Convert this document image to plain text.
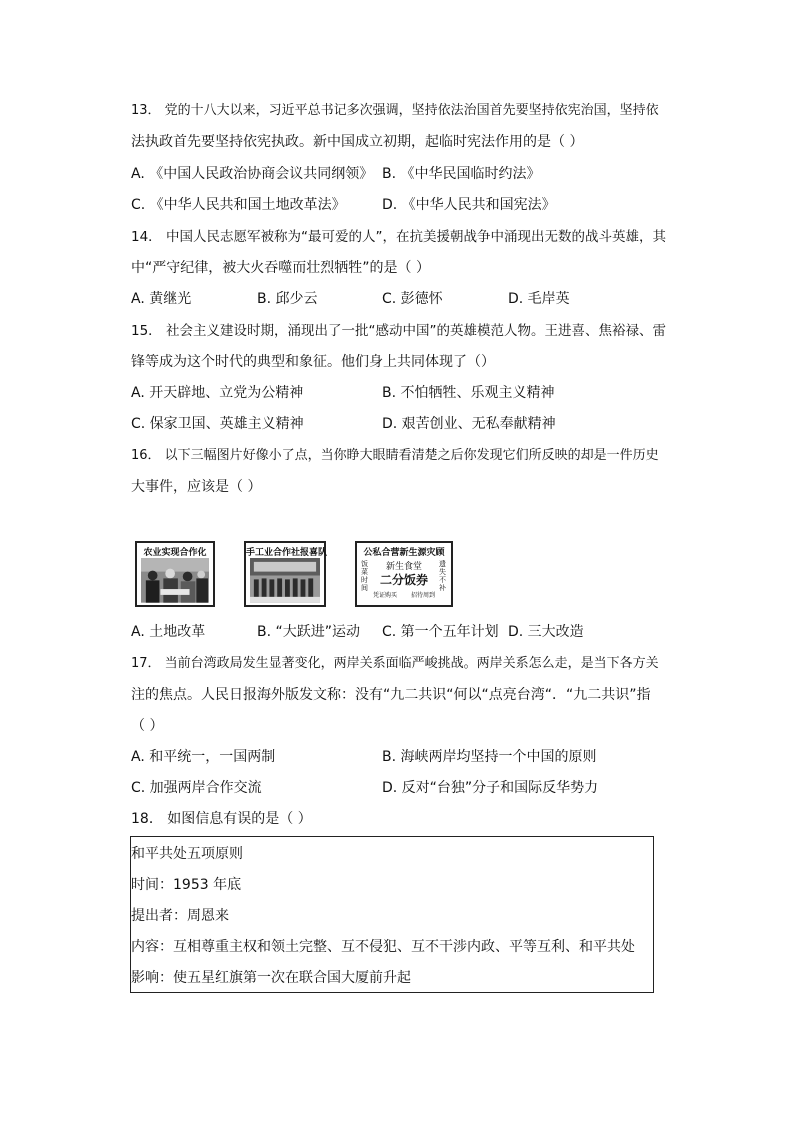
13． 党的十八大以来，习近平总书记多次强调，坚持依法治国首先要坚持依宪治国，坚持依
法执政首先要坚持依宪执政。新中国成立初期，起临时宪法作用的是（ ）
A. 《中国人民政治协商会议共同纲领》 B. 《中华民国临时约法》
C. 《中华人民共和国土地改革法》	D. 《中华人民共和国宪法》
14． 中国人民志愿军被称为“最可爱的人”，在抗美援朝战争中涌现出无数的战斗英雄，其
中“严守纪律，被大火吞噬而壮烈牺牲”的是（ ）
A. 黄继光	B. 邱少云	C. 彭德怀	D. 毛岸英
15． 社会主义建设时期，涌现出了一批“感动中国”的英雄模范人物。王进喜、焦裕禄、雷
锋等成为这个时代的典型和象征。他们身上共同体现了（）
A. 开天辟地、立党为公精神	B. 不怕牺牲、乐观主义精神
C. 保家卫国、英雄主义精神	D. 艰苦创业、无私奉献精神
16． 以下三幅图片好像小了点，当你睁大眼睛看清楚之后你发现它们所反映的却是一件历史
大事件，应该是（ ）
农业实现合作化	手工业合作社报喜队	公私合营新生源灾顾
饭菜时间
新生食堂
二分饭券
遗失不补
凭证购买 招待周到
A. 土地改革	B. “大跃进”运动 C. 第一个五年计划 D. 三大改造
17． 当前台湾政局发生显著变化，两岸关系面临严峻挑战。两岸关系怎么走，是当下各方关
注的焦点。人民日报海外版发文称：没有“九二共识“何以“点亮台湾“．“九二共识”指
（ ）
A. 和平统一，一国两制	B. 海峡两岸均坚持一个中国的原则
C. 加强两岸合作交流	D. 反对“台独”分子和国际反华势力
18． 如图信息有误的是（ ）
和平共处五项原则
时间：1953 年底
提出者：周恩来
内容：互相尊重主权和领土完整、互不侵犯、互不干涉内政、平等互利、和平共处
影响：使五星红旗第一次在联合国大厦前升起
